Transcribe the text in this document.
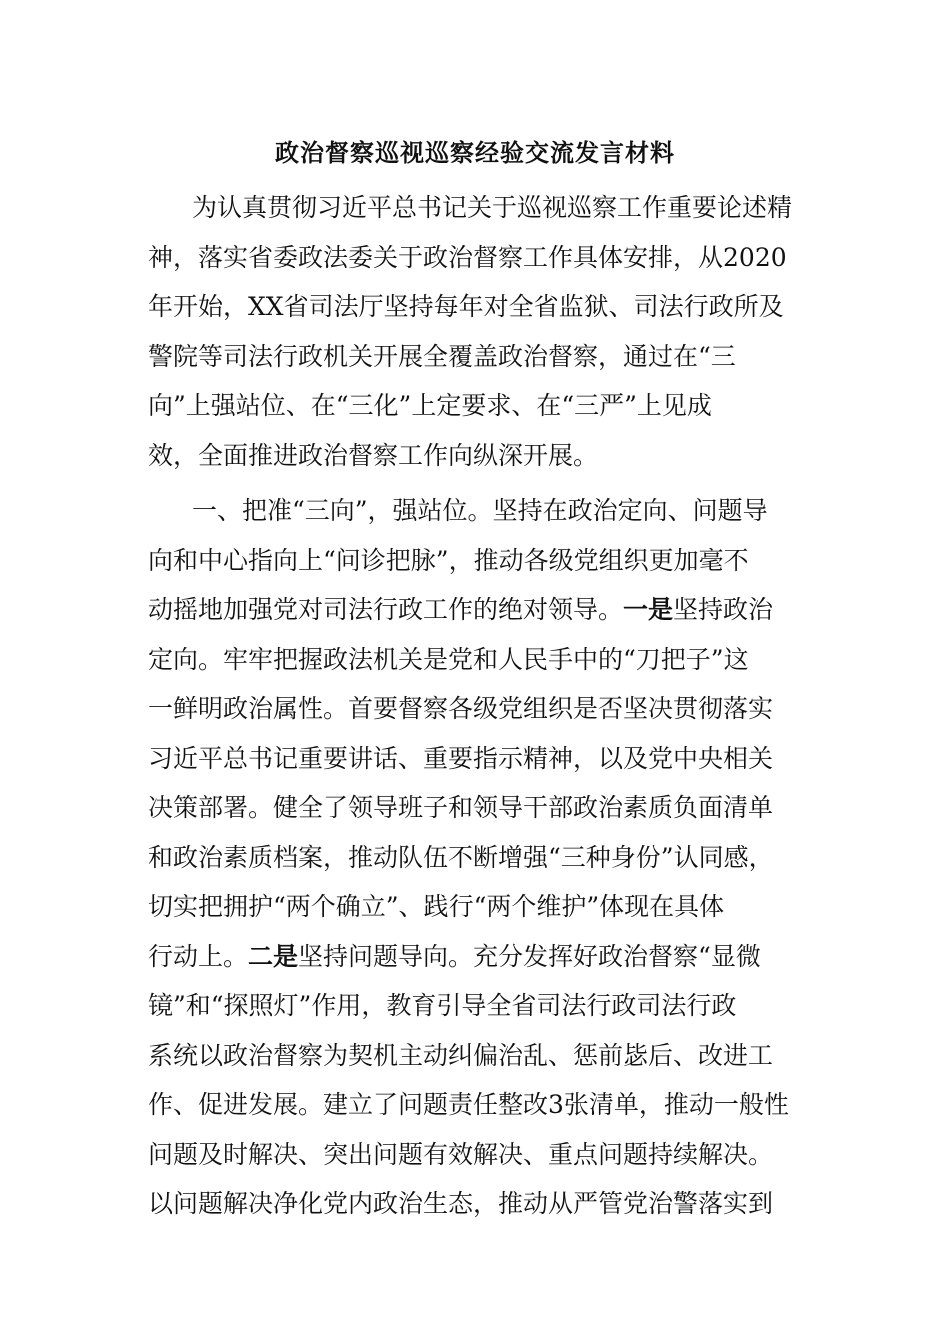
政治督察巡视巡察经验交流发言材料
为认真贯彻习近平总书记关于巡视巡察工作重要论述精
神，落实省委政法委关于政治督察工作具体安排，从2020
年开始，XX省司法厅坚持每年对全省监狱、司法行政所及
警院等司法行政机关开展全覆盖政治督察，通过在“三
向”上强站位、在“三化”上定要求、在“三严”上见成
效，全面推进政治督察工作向纵深开展。
一、把准“三向”，强站位。坚持在政治定向、问题导
向和中心指向上“问诊把脉”，推动各级党组织更加毫不
动摇地加强党对司法行政工作的绝对领导。一是坚持政治
定向。牢牢把握政法机关是党和人民手中的“刀把子”这
一鲜明政治属性。首要督察各级党组织是否坚决贯彻落实
习近平总书记重要讲话、重要指示精神，以及党中央相关
决策部署。健全了领导班子和领导干部政治素质负面清单
和政治素质档案，推动队伍不断增强“三种身份”认同感，
切实把拥护“两个确立”、践行“两个维护”体现在具体
行动上。二是坚持问题导向。充分发挥好政治督察“显微
镜”和“探照灯”作用，教育引导全省司法行政司法行政
系统以政治督察为契机主动纠偏治乱、惩前毖后、改进工
作、促进发展。建立了问题责任整改3张清单，推动一般性
问题及时解决、突出问题有效解决、重点问题持续解决。
以问题解决净化党内政治生态，推动从严管党治警落实到
